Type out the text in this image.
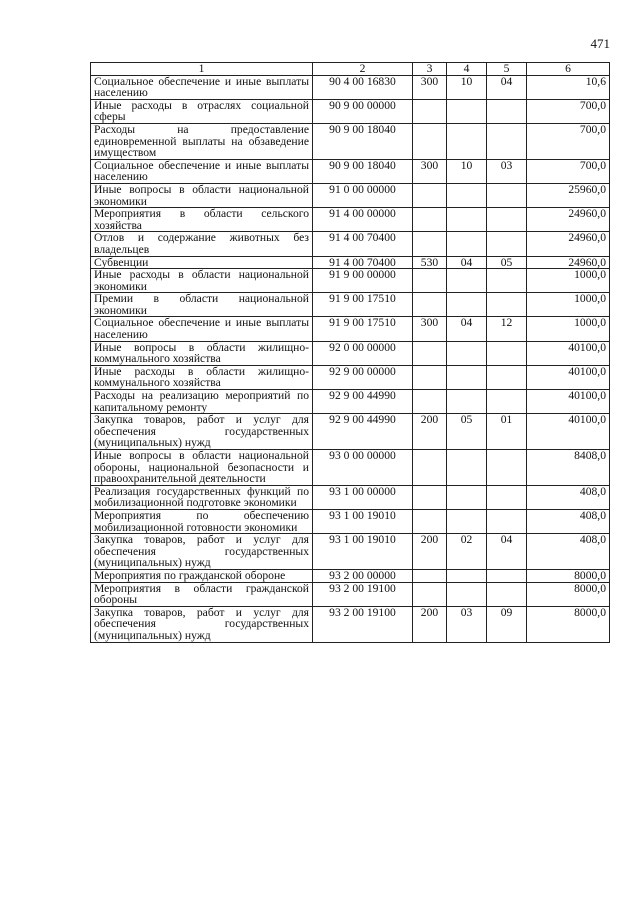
471
1	2	3	4	5	6
Социальное обеспечение и иные выплаты населению	90 4 00 16830	300	10	04	10,6
Иные расходы в отраслях социальной сферы	90 9 00 00000				700,0
Расходы на предоставление единовременной выплаты на обзаведение имуществом	90 9 00 18040				700,0
Социальное обеспечение и иные выплаты населению	90 9 00 18040	300	10	03	700,0
Иные вопросы в области национальной экономики	91 0 00 00000				25960,0
Мероприятия в области сельского хозяйства	91 4 00 00000				24960,0
Отлов и содержание животных без владельцев	91 4 00 70400				24960,0
Субвенции	91 4 00 70400	530	04	05	24960,0
Иные расходы в области национальной экономики	91 9 00 00000				1000,0
Премии в области национальной экономики	91 9 00 17510				1000,0
Социальное обеспечение и иные выплаты населению	91 9 00 17510	300	04	12	1000,0
Иные вопросы в области жилищно-коммунального хозяйства	92 0 00 00000				40100,0
Иные расходы в области жилищно-коммунального хозяйства	92 9 00 00000				40100,0
Расходы на реализацию мероприятий по капитальному ремонту	92 9 00 44990				40100,0
Закупка товаров, работ и услуг для обеспечения государственных (муниципальных) нужд	92 9 00 44990	200	05	01	40100,0
Иные вопросы в области национальной обороны, национальной безопасности и правоохранительной деятельности	93 0 00 00000				8408,0
Реализация государственных функций по мобилизационной подготовке экономики	93 1 00 00000				408,0
Мероприятия по обеспечению мобилизационной готовности экономики	93 1 00 19010				408,0
Закупка товаров, работ и услуг для обеспечения государственных (муниципальных) нужд	93 1 00 19010	200	02	04	408,0
Мероприятия по гражданской обороне	93 2 00 00000				8000,0
Мероприятия в области гражданской обороны	93 2 00 19100				8000,0
Закупка товаров, работ и услуг для обеспечения государственных (муниципальных) нужд	93 2 00 19100	200	03	09	8000,0
